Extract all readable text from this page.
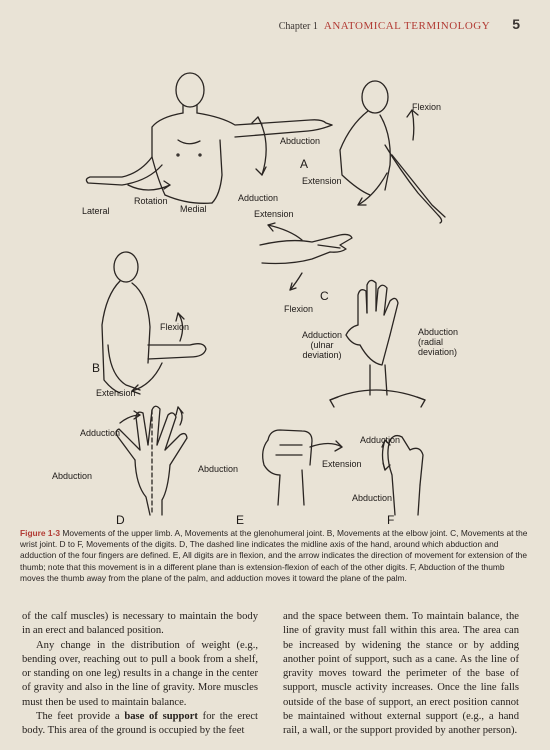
Chapter 1 ANATOMICAL TERMINOLOGY 5
Flexion
Abduction
A
Extension
Rotation	Adduction
Lateral	Medial	Extension
C
Flexion
Flexion
B
Extension
Adduction
(ulnar
deviation)
Abduction
(radial
deviation)
Adduction
Abduction
Abduction	Extension
Adduction
Abduction
D	E	F
Figure 1-3 Movements of the upper limb. A, Movements at the glenohumeral joint. B, Movements at the elbow joint. C, Movements at the wrist joint. D to F, Movements of the digits. D, The dashed line indicates the midline axis of the hand, around which abduction and adduction of the four fingers are defined. E, All digits are in flexion, and the arrow indicates the direction of movement for extension of the thumb; note that this movement is in a different plane than is extension-flexion of each of the other digits. F, Abduction of the thumb moves the thumb away from the plane of the palm, and adduction moves it toward the plane of the palm.

of the calf muscles) is necessary to maintain the body in an erect and balanced position.

Any change in the distribution of weight (e.g., bending over, reaching out to pull a book from a shelf, or standing on one leg) results in a change in the center of gravity and also in the line of gravity. More muscles must then be used to maintain balance.

The feet provide a base of support for the erect body. This area of the ground is occupied by the feet

and the space between them. To maintain balance, the line of gravity must fall within this area. The area can be increased by widening the stance or by adding another point of support, such as a cane. As the line of gravity moves toward the perimeter of the base of support, muscle activity increases. Once the line falls outside of the base of support, an erect position cannot be maintained without external support (e.g., a hand rail, a wall, or the support provided by another person).
